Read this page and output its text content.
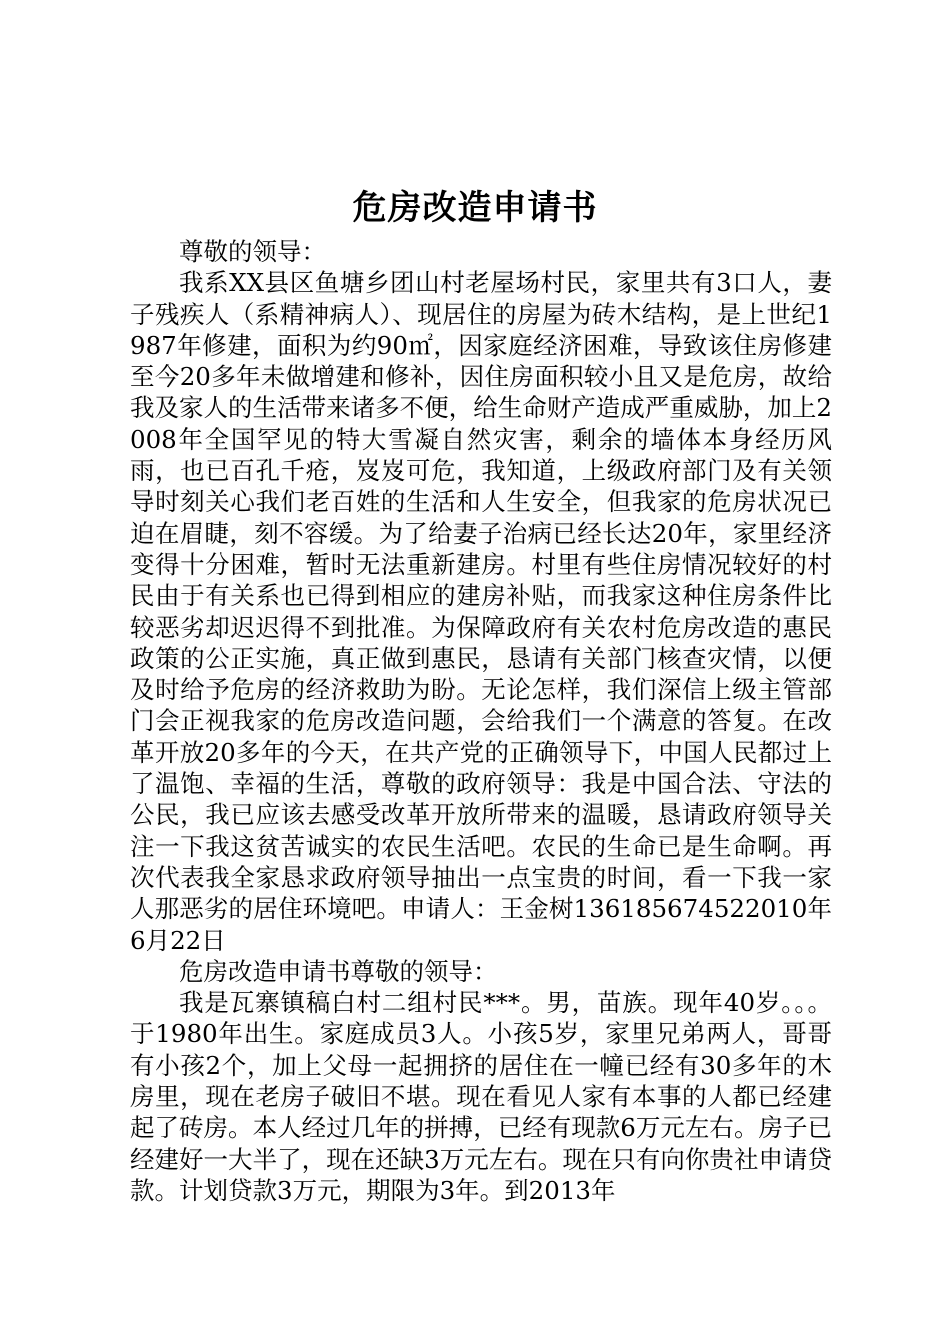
危房改造申请书

尊敬的领导：

我系XX县区鱼塘乡团山村老屋场村民，家里共有3口人，妻子残疾人（系精神病人）、现居住的房屋为砖木结构，是上世纪1987年修建，面积为约90㎡，因家庭经济困难，导致该住房修建至今20多年未做增建和修补，因住房面积较小且又是危房，故给我及家人的生活带来诸多不便，给生命财产造成严重威胁，加上2008年全国罕见的特大雪凝自然灾害，剩余的墙体本身经历风雨，也已百孔千疮，岌岌可危，我知道，上级政府部门及有关领导时刻关心我们老百姓的生活和人生安全，但我家的危房状况已迫在眉睫，刻不容缓。为了给妻子治病已经长达20年，家里经济变得十分困难，暂时无法重新建房。村里有些住房情况较好的村民由于有关系也已得到相应的建房补贴，而我家这种住房条件比较恶劣却迟迟得不到批准。为保障政府有关农村危房改造的惠民政策的公正实施，真正做到惠民，恳请有关部门核查灾情，以便及时给予危房的经济救助为盼。无论怎样，我们深信上级主管部门会正视我家的危房改造问题，会给我们一个满意的答复。在改革开放20多年的今天，在共产党的正确领导下，中国人民都过上了温饱、幸福的生活，尊敬的政府领导：我是中国合法、守法的公民，我已应该去感受改革开放所带来的温暖，恳请政府领导关注一下我这贫苦诚实的农民生活吧。农民的生命已是生命啊。再次代表我全家恳求政府领导抽出一点宝贵的时间，看一下我一家人那恶劣的居住环境吧。申请人：王金树13618567452​2010年6月22日

危房改造申请书尊敬的领导：

我是瓦寨镇稿白村二组村民***。男，苗族。现年40岁。。。于1980年出生。家庭成员3人。小孩5岁，家里兄弟两人，哥哥有小孩2个，加上父母一起拥挤的居住在一幢已经有30多年的木房里，现在老房子破旧不堪。现在看见人家有本事的人都已经建起了砖房。本人经过几年的拼搏，已经有现款6万元左右。房子已经建好一大半了，现在还缺3万元左右。现在只有向你贵社申请贷款。计划贷款3万元，期限为3年。到2013年
